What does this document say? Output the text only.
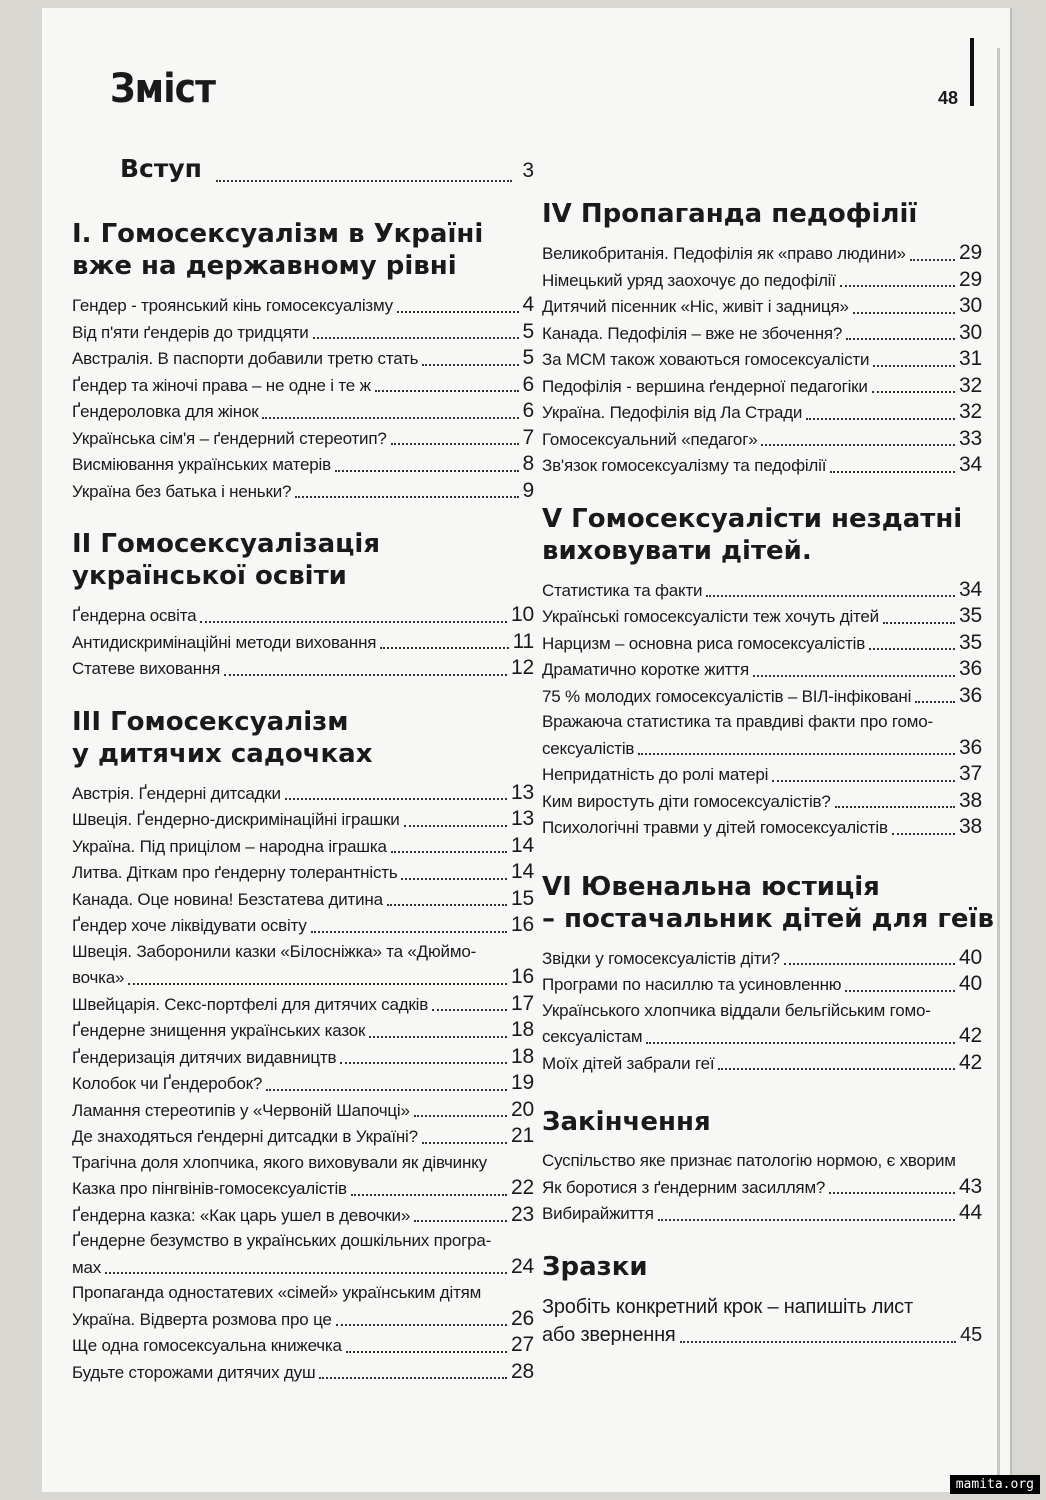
Зміст	48
Вступ	3
I. Гомосексуалізм в Україні
вже на державному рівні
Гендер - троянський кінь гомосексуалізму	4
Від п'яти ґендерів до тридцяти	5
Австралія. В паспорти добавили третю стать	5
Ґендер та жіночі права – не одне і те ж	6
Ґендероловка для жінок	6
Українська сім'я – ґендерний стереотип?	7
Висміювання українських матерів	8
Україна без батька і неньки?	9
II Гомосексуалізація
української освіти
Ґендерна освіта	10
Антидискримінаційні методи виховання	11
Статеве виховання	12
III Гомосексуалізм
у дитячих садочках
Австрія. Ґендерні дитсадки	13
Швеція. Ґендерно-дискримінаційні іграшки	13
Україна. Під прицілом – народна іграшка	14
Литва. Діткам про ґендерну толерантність	14
Канада. Оце новина! Безстатева дитина	15
Ґендер хоче ліквідувати освіту	16
Швеція. Заборонили казки «Білосніжка» та «Дюймо-
вочка»	16
Швейцарія. Секс-портфелі для дитячих садків	17
Ґендерне знищення українських казок	18
Ґендеризація дитячих видавництв	18
Колобок чи Ґендеробок?	19
Ламання стереотипів у «Червоній Шапочці»	20
Де знаходяться ґендерні дитсадки в Україні?	21
Трагічна доля хлопчика, якого виховували як дівчинку
Казка про пінгвінів-гомосексуалістів	22
Ґендерна казка: «Как царь ушел в девочки»	23
Ґендерне безумство в українських дошкільних програ-
мах	24
Пропаганда одностатевих «сімей» українським дітям
Україна. Відверта розмова про це	26
Ще одна гомосексуальна книжечка	27
Будьте сторожами дитячих душ	28
IV Пропаганда педофілії
Великобританія. Педофілія як «право людини»	29
Німецький уряд заохочує до педофілії	29
Дитячий пісенник «Ніс, живіт і задниця»	30
Канада. Педофілія – вже не збочення?	30
За МСМ також ховаються гомосексуалісти	31
Педофілія - вершина ґендерної педагогіки	32
Україна. Педофілія від Ла Стради	32
Гомосексуальний «педагог»	33
Зв'язок гомосексуалізму та педофілії	34
V Гомосексуалісти нездатні
виховувати дітей.
Статистика та факти	34
Українські гомосексуалісти теж хочуть дітей	35
Нарцизм – основна риса гомосексуалістів	35
Драматично коротке життя	36
75 % молодих гомосексуалістів – ВІЛ-інфіковані 36
Вражаюча статистика та правдиві факти про гомо-
сексуалістів	36
Непридатність до ролі матері	37
Ким виростуть діти гомосексуалістів?	38
Психологічні травми у дітей гомосексуалістів	38
VI Ювенальна юстиція
– постачальник дітей для геїв
Звідки у гомосексуалістів діти?	40
Програми по насиллю та усиновленню	40
Українського хлопчика віддали бельгійським гомо-
сексуалістам	42
Моїх дітей забрали геї	42
Закінчення
Суспільство яке признає патологію нормою, є хворим
Як боротися з ґендерним засиллям?	43
Вибирайжиття	44
Зразки
Зробіть конкретний крок – напишіть лист
або звернення	45
mamita.org
